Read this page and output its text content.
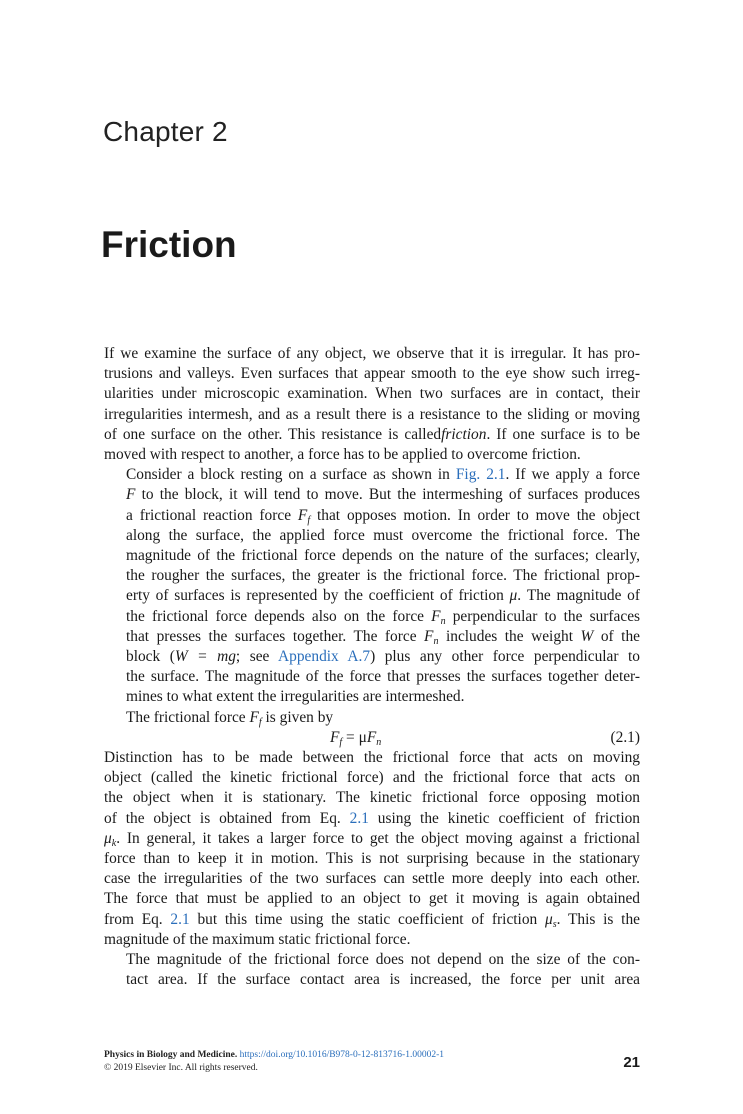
Chapter 2
Friction

If we examine the surface of any object, we observe that it is irregular. It has pro-
trusions and valleys. Even surfaces that appear smooth to the eye show such irreg-
ularities under microscopic examination. When two surfaces are in contact, their
irregularities intermesh, and as a result there is a resistance to the sliding or moving
of one surface on the other. This resistance is calledfriction. If one surface is to be
moved with respect to another, a force has to be applied to overcome friction.

Consider a block resting on a surface as shown in Fig. 2.1. If we apply a force
F to the block, it will tend to move. But the intermeshing of surfaces produces
a frictional reaction force $F_f$ that opposes motion. In order to move the object
along the surface, the applied force must overcome the frictional force. The
magnitude of the frictional force depends on the nature of the surfaces; clearly,
the rougher the surfaces, the greater is the frictional force. The frictional prop-
erty of surfaces is represented by the coefficient of friction μ. The magnitude of
the frictional force depends also on the force $F_n$ perpendicular to the surfaces
that presses the surfaces together. The force $F_n$ includes the weight W of the
block (W = mg; see Appendix A.7) plus any other force perpendicular to
the surface. The magnitude of the force that presses the surfaces together deter-
mines to what extent the irregularities are intermeshed.

The frictional force $F_f$ is given by

$F_f = \mu F_n$	(2.1)

Distinction has to be made between the frictional force that acts on moving
object (called the kinetic frictional force) and the frictional force that acts on
the object when it is stationary. The kinetic frictional force opposing motion
of the object is obtained from Eq. 2.1 using the kinetic coefficient of friction
$\mu_k$. In general, it takes a larger force to get the object moving against a frictional
force than to keep it in motion. This is not surprising because in the stationary
case the irregularities of the two surfaces can settle more deeply into each other.
The force that must be applied to an object to get it moving is again obtained
from Eq. 2.1 but this time using the static coefficient of friction $\mu_s$. This is the
magnitude of the maximum static frictional force.

The magnitude of the frictional force does not depend on the size of the con-
tact area. If the surface contact area is increased, the force per unit area

Physics in Biology and Medicine. https://doi.org/10.1016/B978-0-12-813716-1.00002-1
© 2019 Elsevier Inc. All rights reserved.	21
